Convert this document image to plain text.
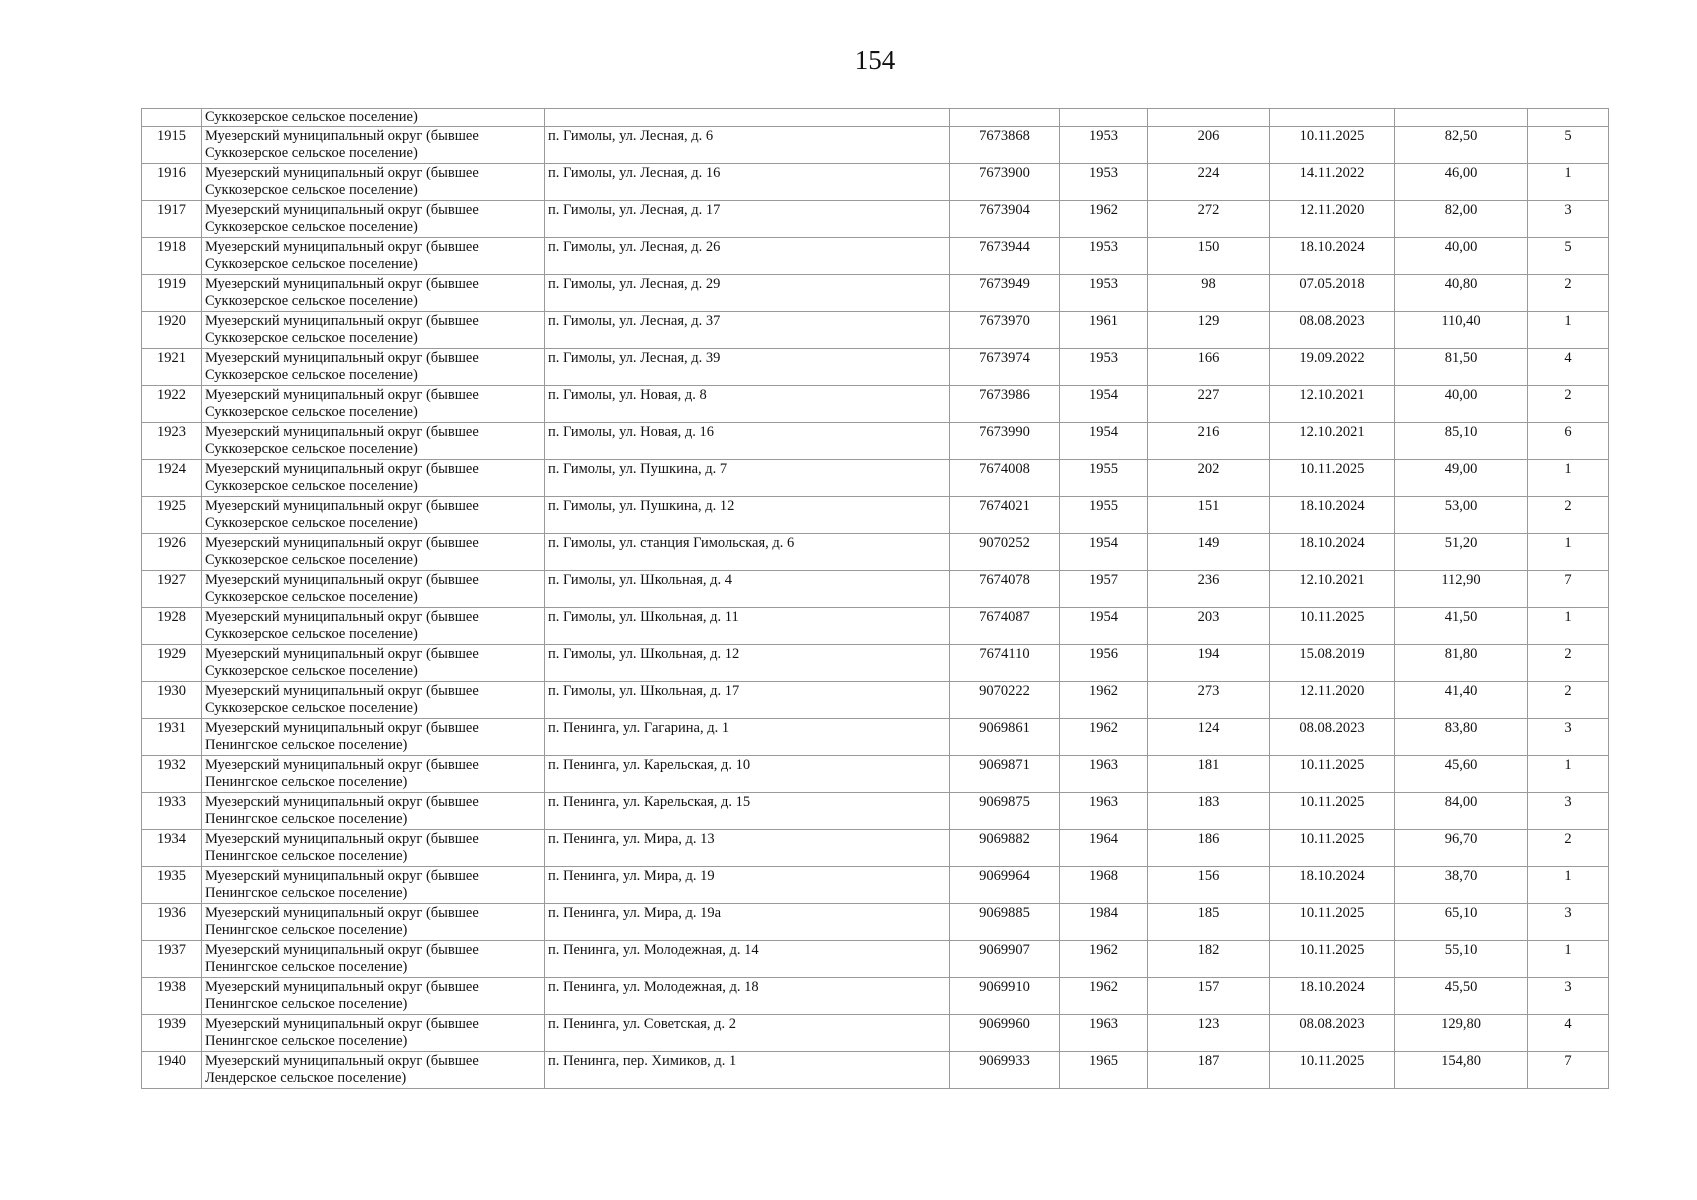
154
	Суккозерское сельское поселение)							
1915	Муезерский муниципальный округ (бывшее
Суккозерское сельское поселение)	п. Гимолы, ул. Лесная, д. 6	7673868	1953	206	10.11.2025	82,50	5
1916	Муезерский муниципальный округ (бывшее
Суккозерское сельское поселение)	п. Гимолы, ул. Лесная, д. 16	7673900	1953	224	14.11.2022	46,00	1
1917	Муезерский муниципальный округ (бывшее
Суккозерское сельское поселение)	п. Гимолы, ул. Лесная, д. 17	7673904	1962	272	12.11.2020	82,00	3
1918	Муезерский муниципальный округ (бывшее
Суккозерское сельское поселение)	п. Гимолы, ул. Лесная, д. 26	7673944	1953	150	18.10.2024	40,00	5
1919	Муезерский муниципальный округ (бывшее
Суккозерское сельское поселение)	п. Гимолы, ул. Лесная, д. 29	7673949	1953	98	07.05.2018	40,80	2
1920	Муезерский муниципальный округ (бывшее
Суккозерское сельское поселение)	п. Гимолы, ул. Лесная, д. 37	7673970	1961	129	08.08.2023	110,40	1
1921	Муезерский муниципальный округ (бывшее
Суккозерское сельское поселение)	п. Гимолы, ул. Лесная, д. 39	7673974	1953	166	19.09.2022	81,50	4
1922	Муезерский муниципальный округ (бывшее
Суккозерское сельское поселение)	п. Гимолы, ул. Новая, д. 8	7673986	1954	227	12.10.2021	40,00	2
1923	Муезерский муниципальный округ (бывшее
Суккозерское сельское поселение)	п. Гимолы, ул. Новая, д. 16	7673990	1954	216	12.10.2021	85,10	6
1924	Муезерский муниципальный округ (бывшее
Суккозерское сельское поселение)	п. Гимолы, ул. Пушкина, д. 7	7674008	1955	202	10.11.2025	49,00	1
1925	Муезерский муниципальный округ (бывшее
Суккозерское сельское поселение)	п. Гимолы, ул. Пушкина, д. 12	7674021	1955	151	18.10.2024	53,00	2
1926	Муезерский муниципальный округ (бывшее
Суккозерское сельское поселение)	п. Гимолы, ул. станция Гимольская, д. 6	9070252	1954	149	18.10.2024	51,20	1
1927	Муезерский муниципальный округ (бывшее
Суккозерское сельское поселение)	п. Гимолы, ул. Школьная, д. 4	7674078	1957	236	12.10.2021	112,90	7
1928	Муезерский муниципальный округ (бывшее
Суккозерское сельское поселение)	п. Гимолы, ул. Школьная, д. 11	7674087	1954	203	10.11.2025	41,50	1
1929	Муезерский муниципальный округ (бывшее
Суккозерское сельское поселение)	п. Гимолы, ул. Школьная, д. 12	7674110	1956	194	15.08.2019	81,80	2
1930	Муезерский муниципальный округ (бывшее
Суккозерское сельское поселение)	п. Гимолы, ул. Школьная, д. 17	9070222	1962	273	12.11.2020	41,40	2
1931	Муезерский муниципальный округ (бывшее
Пенингское сельское поселение)	п. Пенинга, ул. Гагарина, д. 1	9069861	1962	124	08.08.2023	83,80	3
1932	Муезерский муниципальный округ (бывшее
Пенингское сельское поселение)	п. Пенинга, ул. Карельская, д. 10	9069871	1963	181	10.11.2025	45,60	1
1933	Муезерский муниципальный округ (бывшее
Пенингское сельское поселение)	п. Пенинга, ул. Карельская, д. 15	9069875	1963	183	10.11.2025	84,00	3
1934	Муезерский муниципальный округ (бывшее
Пенингское сельское поселение)	п. Пенинга, ул. Мира, д. 13	9069882	1964	186	10.11.2025	96,70	2
1935	Муезерский муниципальный округ (бывшее
Пенингское сельское поселение)	п. Пенинга, ул. Мира, д. 19	9069964	1968	156	18.10.2024	38,70	1
1936	Муезерский муниципальный округ (бывшее
Пенингское сельское поселение)	п. Пенинга, ул. Мира, д. 19а	9069885	1984	185	10.11.2025	65,10	3
1937	Муезерский муниципальный округ (бывшее
Пенингское сельское поселение)	п. Пенинга, ул. Молодежная, д. 14	9069907	1962	182	10.11.2025	55,10	1
1938	Муезерский муниципальный округ (бывшее
Пенингское сельское поселение)	п. Пенинга, ул. Молодежная, д. 18	9069910	1962	157	18.10.2024	45,50	3
1939	Муезерский муниципальный округ (бывшее
Пенингское сельское поселение)	п. Пенинга, ул. Советская, д. 2	9069960	1963	123	08.08.2023	129,80	4
1940	Муезерский муниципальный округ (бывшее
Лендерское сельское поселение)	п. Пенинга, пер. Химиков, д. 1	9069933	1965	187	10.11.2025	154,80	7
